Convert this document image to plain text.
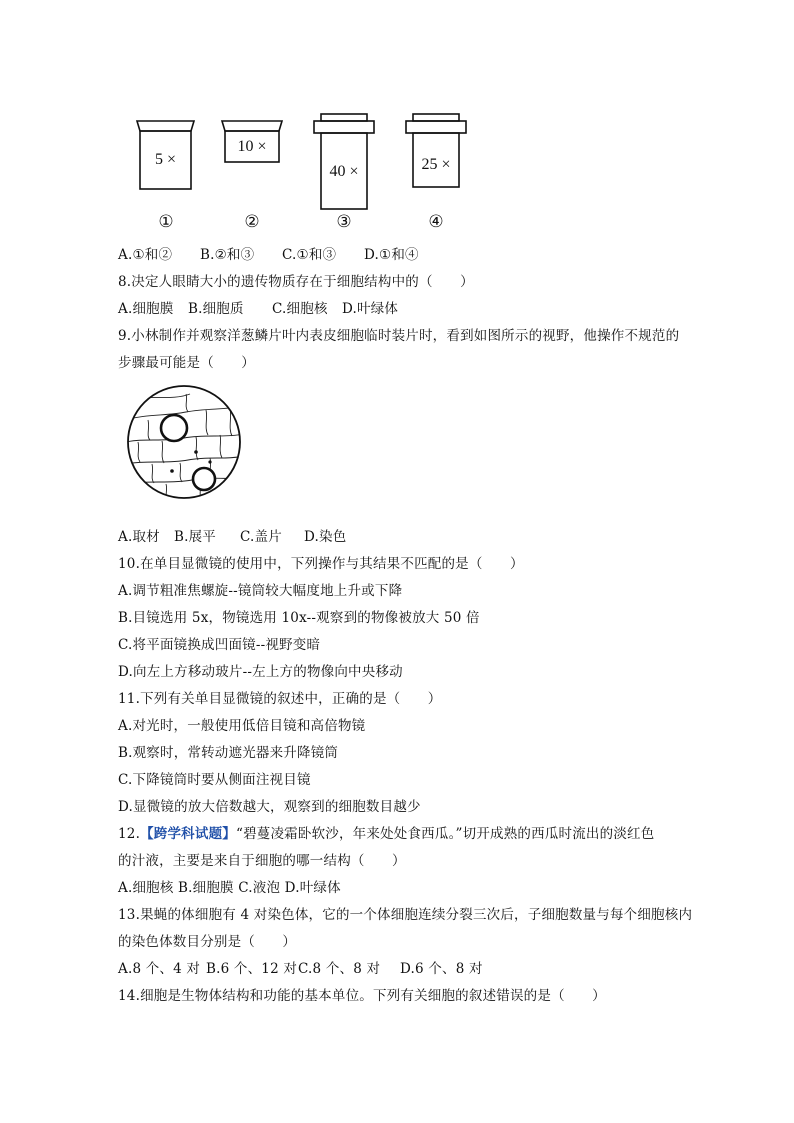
5 ×
10 ×
40 ×	25 ×
①	②	③	④
A.①和② B.②和③ C.①和③ D.①和④
8.决定人眼睛大小的遗传物质存在于细胞结构中的（　　）
A.细胞膜 B.细胞质 C.细胞核 D.叶绿体
9.小林制作并观察洋葱鳞片叶内表皮细胞临时装片时，看到如图所示的视野，他操作不规范的
步骤最可能是（　　）
A.取材 B.展平 C.盖片 D.染色
10.在单目显微镜的使用中，下列操作与其结果不匹配的是（　　）
A.调节粗准焦螺旋--镜筒较大幅度地上升或下降
B.目镜选用 5x，物镜选用 10x--观察到的物像被放大 50 倍
C.将平面镜换成凹面镜--视野变暗
D.向左上方移动玻片--左上方的物像向中央移动
11.下列有关单目显微镜的叙述中，正确的是（　　）
A.对光时，一般使用低倍目镜和高倍物镜
B.观察时，常转动遮光器来升降镜筒
C.下降镜筒时要从侧面注视目镜
D.显微镜的放大倍数越大，观察到的细胞数目越少
12.【跨学科试题】“碧蔓凌霜卧软沙，年来处处食西瓜。”切开成熟的西瓜时流出的淡红色
的汁液，主要是来自于细胞的哪一结构（　　）
A.细胞核 B.细胞膜 C.液泡 D.叶绿体
13.果蝇的体细胞有 4 对染色体，它的一个体细胞连续分裂三次后，子细胞数量与每个细胞核内
的染色体数目分别是（　　）
A.8 个、4 对 B.6 个、12 对C.8 个、8 对 D.6 个、8 对
14.细胞是生物体结构和功能的基本单位。下列有关细胞的叙述错误的是（　　）
